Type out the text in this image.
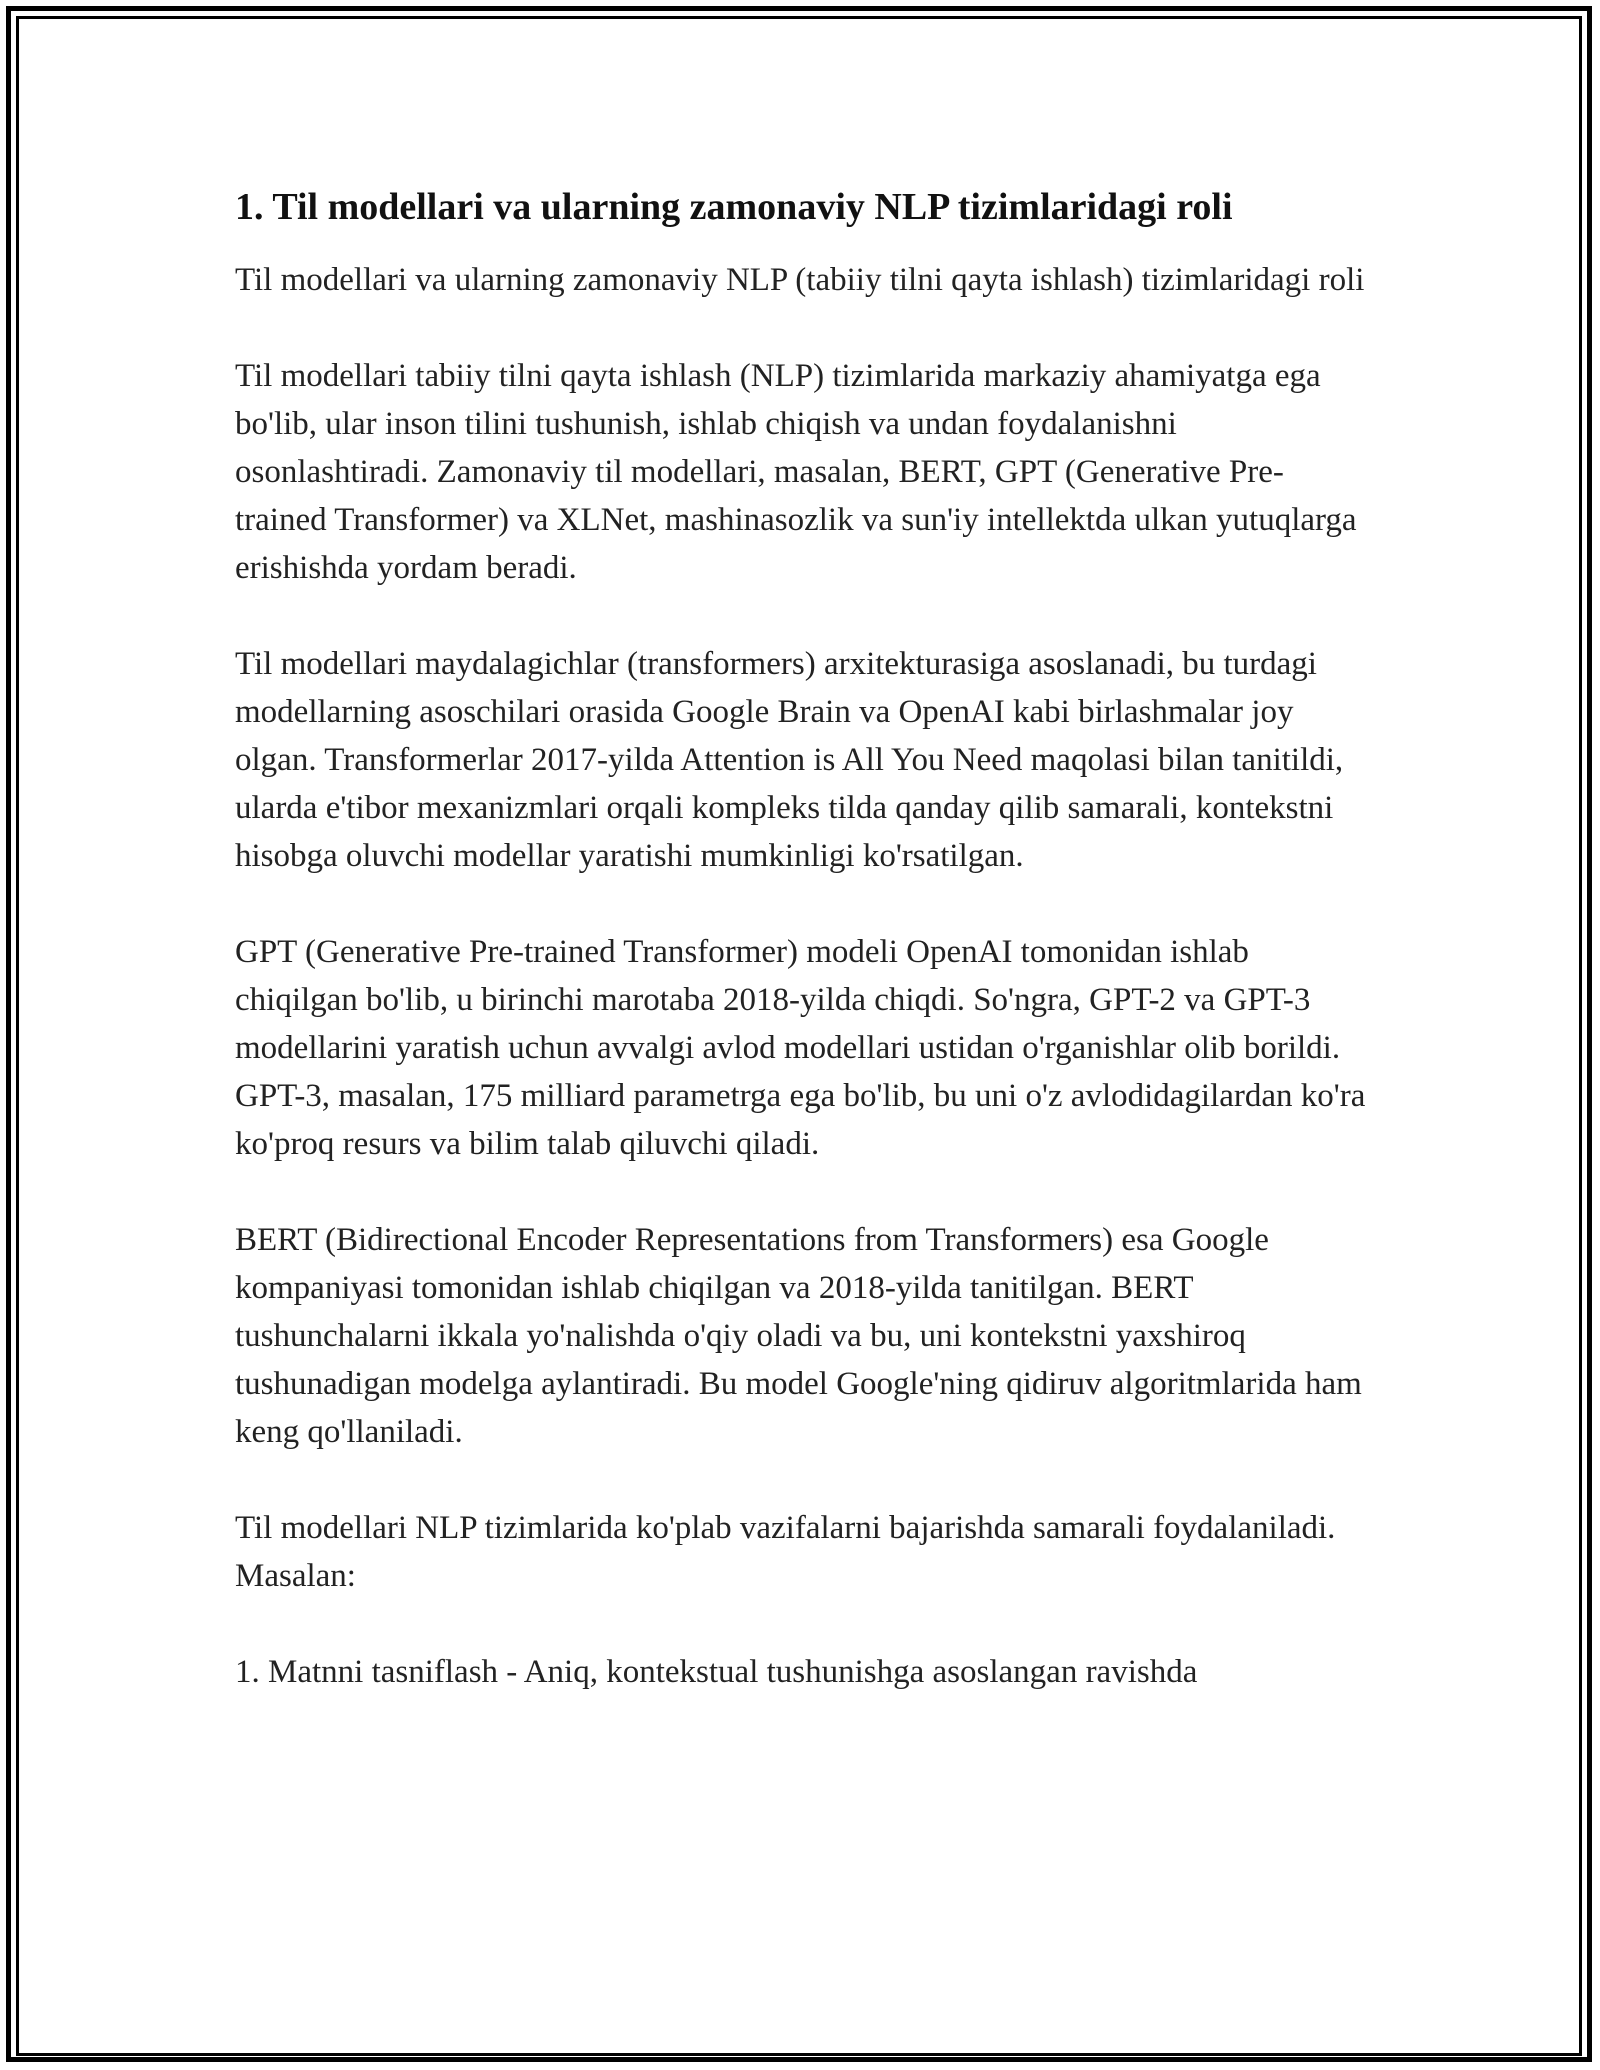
1. Til modellari va ularning zamonaviy NLP tizimlaridagi roli

Til modellari va ularning zamonaviy NLP (tabiiy tilni qayta ishlash) tizimlaridagi roli

Til modellari tabiiy tilni qayta ishlash (NLP) tizimlarida markaziy ahamiyatga ega bo'lib, ular inson tilini tushunish, ishlab chiqish va undan foydalanishni osonlashtiradi. Zamonaviy til modellari, masalan, BERT, GPT (Generative Pre-trained Transformer) va XLNet, mashinasozlik va sun'iy intellektda ulkan yutuqlarga erishishda yordam beradi.

Til modellari maydalagichlar (transformers) arxitekturasiga asoslanadi, bu turdagi modellarning asoschilari orasida Google Brain va OpenAI kabi birlashmalar joy olgan. Transformerlar 2017-yilda Attention is All You Need maqolasi bilan tanitildi, ularda e'tibor mexanizmlari orqali kompleks tilda qanday qilib samarali, kontekstni hisobga oluvchi modellar yaratishi mumkinligi ko'rsatilgan.

GPT (Generative Pre-trained Transformer) modeli OpenAI tomonidan ishlab chiqilgan bo'lib, u birinchi marotaba 2018-yilda chiqdi. So'ngra, GPT-2 va GPT-3 modellarini yaratish uchun avvalgi avlod modellari ustidan o'rganishlar olib borildi. GPT-3, masalan, 175 milliard parametrga ega bo'lib, bu uni o'z avlodidagilardan ko'ra ko'proq resurs va bilim talab qiluvchi qiladi.

BERT (Bidirectional Encoder Representations from Transformers) esa Google kompaniyasi tomonidan ishlab chiqilgan va 2018-yilda tanitilgan. BERT tushunchalarni ikkala yo'nalishda o'qiy oladi va bu, uni kontekstni yaxshiroq tushunadigan modelga aylantiradi. Bu model Google'ning qidiruv algoritmlarida ham keng qo'llaniladi.

Til modellari NLP tizimlarida ko'plab vazifalarni bajarishda samarali foydalaniladi. Masalan:

1. Matnni tasniflash - Aniq, kontekstual tushunishga asoslangan ravishda
